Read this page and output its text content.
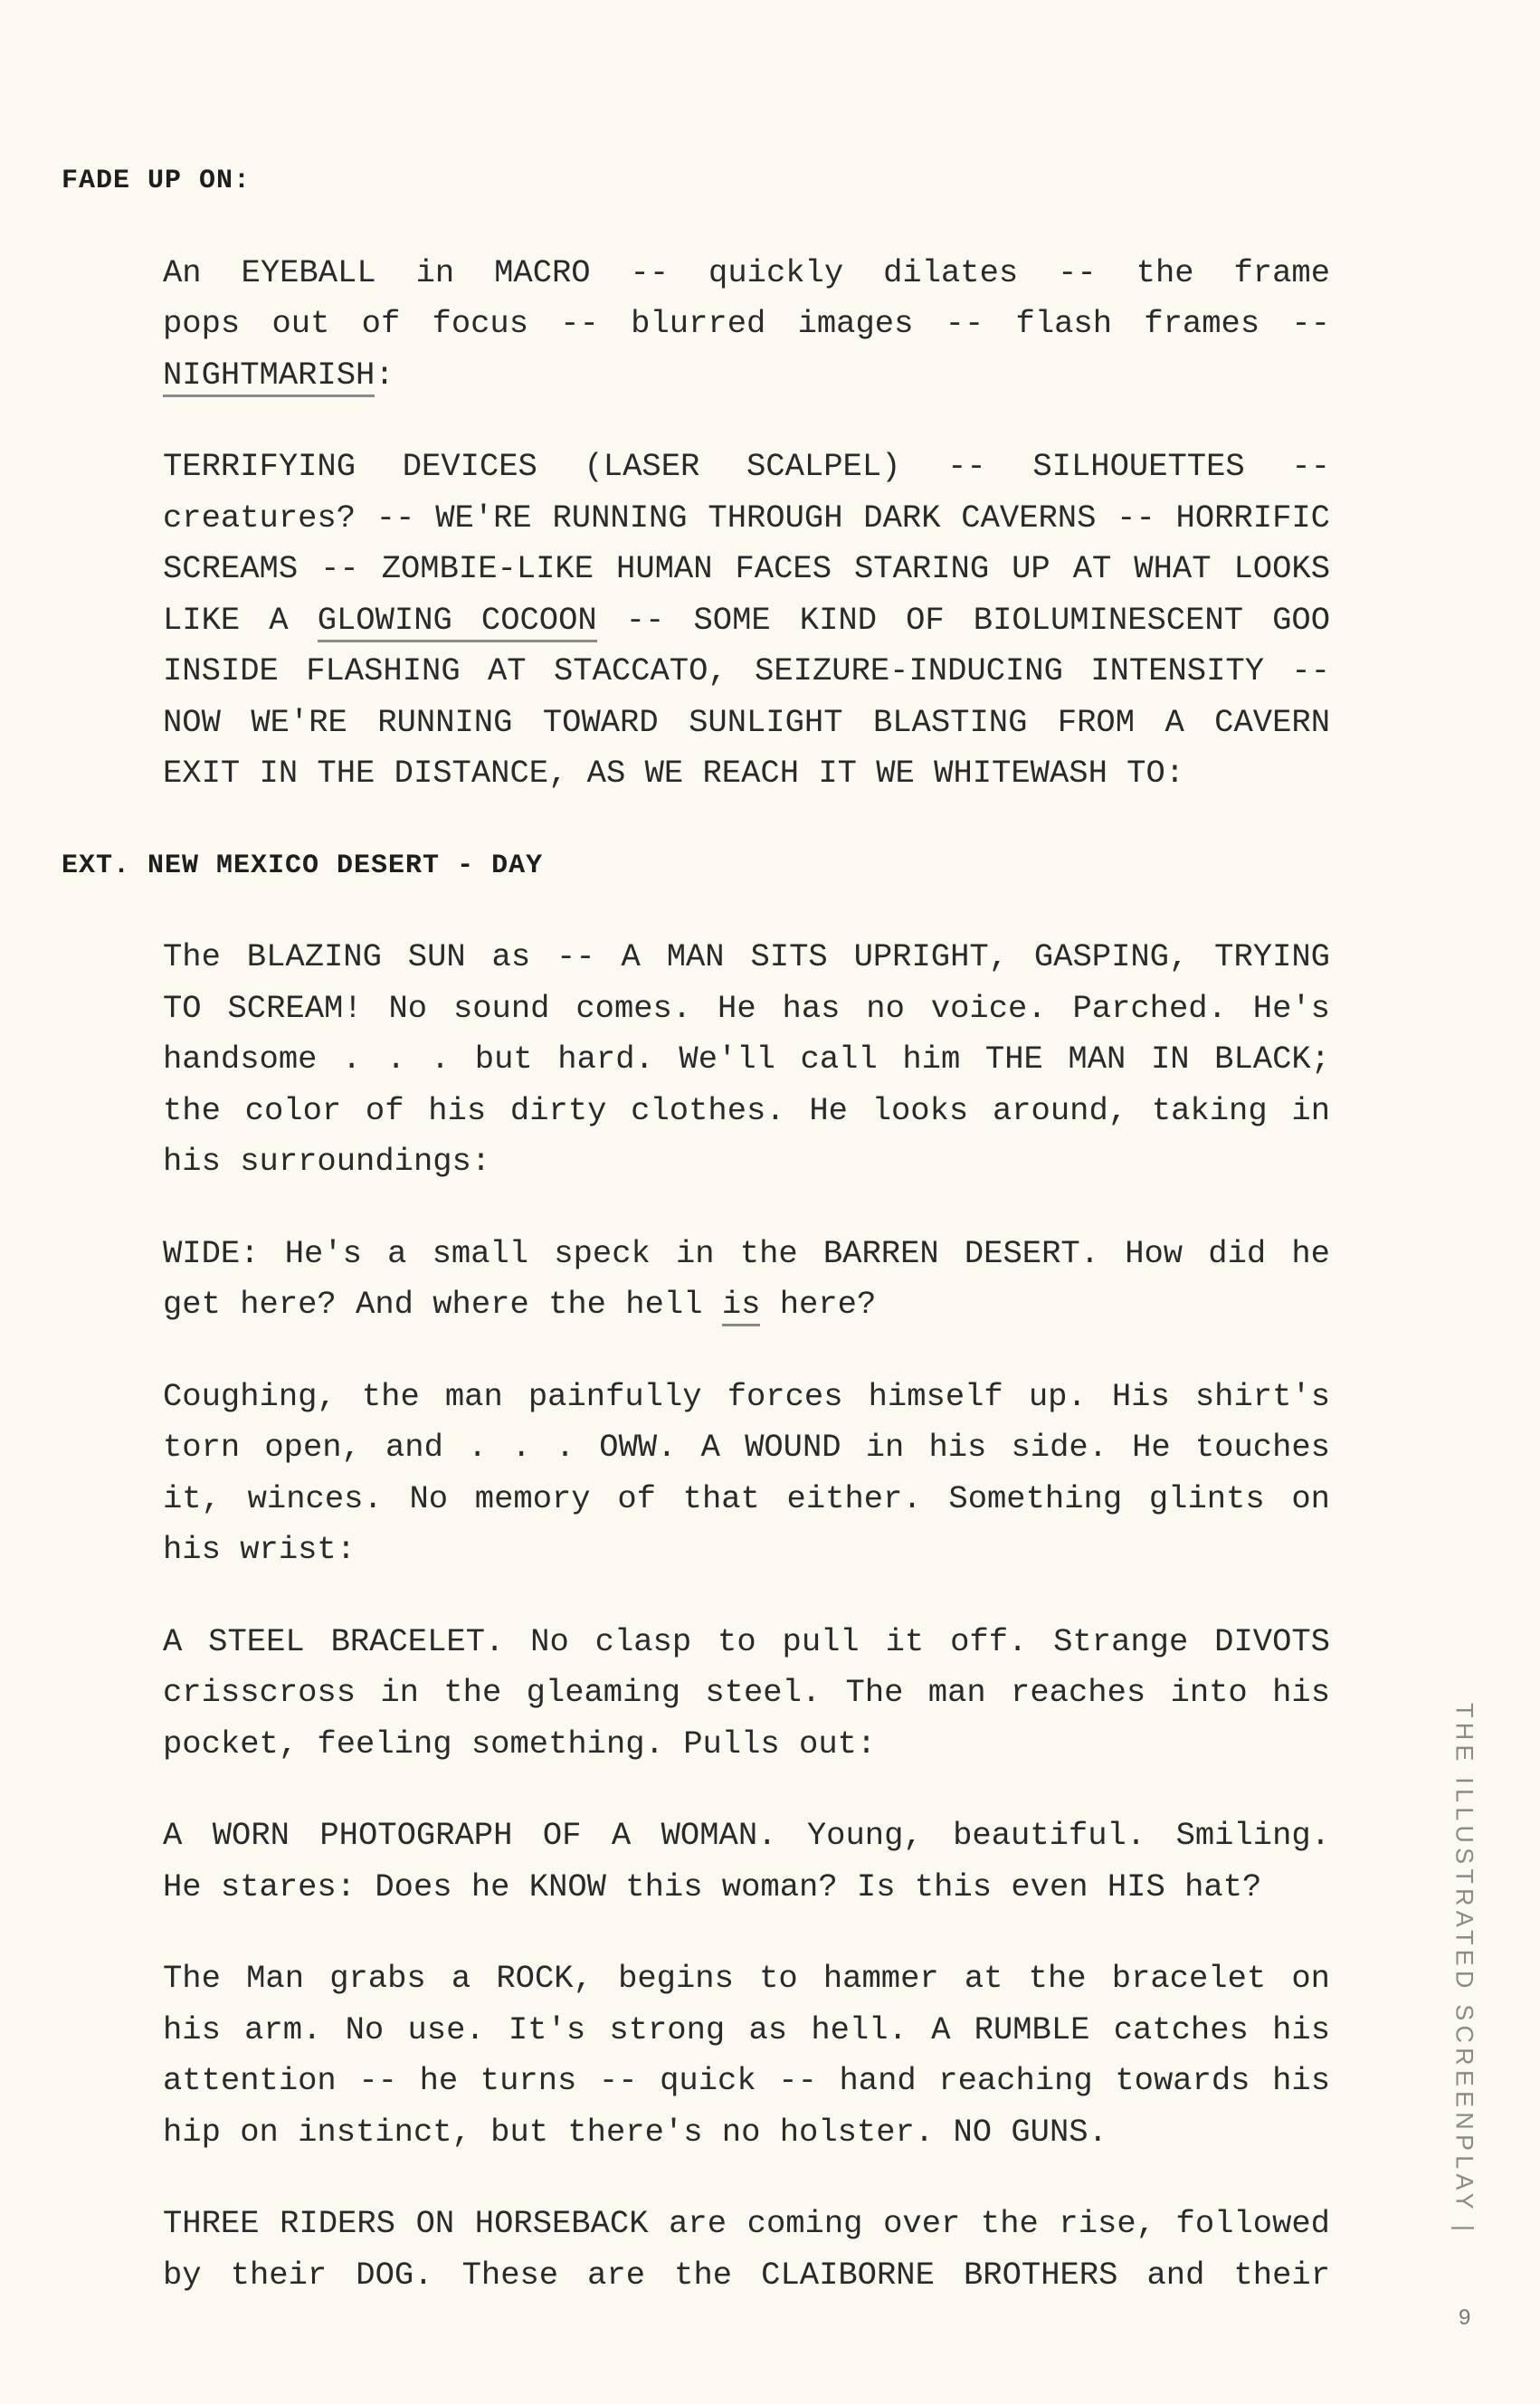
FADE UP ON:
An EYEBALL in MACRO -- quickly dilates -- the frame
pops out of focus -- blurred images -- flash frames --
NIGHTMARISH:
TERRIFYING DEVICES (LASER SCALPEL) -- SILHOUETTES --
creatures? -- WE'RE RUNNING THROUGH DARK CAVERNS -- HORRIFIC
SCREAMS -- ZOMBIE-LIKE HUMAN FACES STARING UP AT WHAT LOOKS
LIKE A GLOWING COCOON -- SOME KIND OF BIOLUMINESCENT GOO
INSIDE FLASHING AT STACCATO, SEIZURE-INDUCING INTENSITY --
NOW WE'RE RUNNING TOWARD SUNLIGHT BLASTING FROM A CAVERN
EXIT IN THE DISTANCE, AS WE REACH IT WE WHITEWASH TO:
EXT. NEW MEXICO DESERT - DAY
The BLAZING SUN as -- A MAN SITS UPRIGHT, GASPING, TRYING
TO SCREAM! No sound comes. He has no voice. Parched. He's
handsome . . . but hard. We'll call him THE MAN IN BLACK;
the color of his dirty clothes. He looks around, taking in
his surroundings:
WIDE: He's a small speck in the BARREN DESERT. How did he
get here? And where the hell is here?
Coughing, the man painfully forces himself up. His shirt's
torn open, and . . . OWW. A WOUND in his side. He touches
it, winces. No memory of that either. Something glints on
his wrist:
A STEEL BRACELET. No clasp to pull it off. Strange DIVOTS
crisscross in the gleaming steel. The man reaches into his
pocket, feeling something. Pulls out:
A WORN PHOTOGRAPH OF A WOMAN. Young, beautiful. Smiling.
He stares: Does he KNOW this woman? Is this even HIS hat?
The Man grabs a ROCK, begins to hammer at the bracelet on
his arm. No use. It's strong as hell. A RUMBLE catches his
attention -- he turns -- quick -- hand reaching towards his
hip on instinct, but there's no holster. NO GUNS.
THREE RIDERS ON HORSEBACK are coming over the rise, followed
by their DOG. These are the CLAIBORNE BROTHERS and their
THE ILLUSTRATED SCREENPLAY |
9
